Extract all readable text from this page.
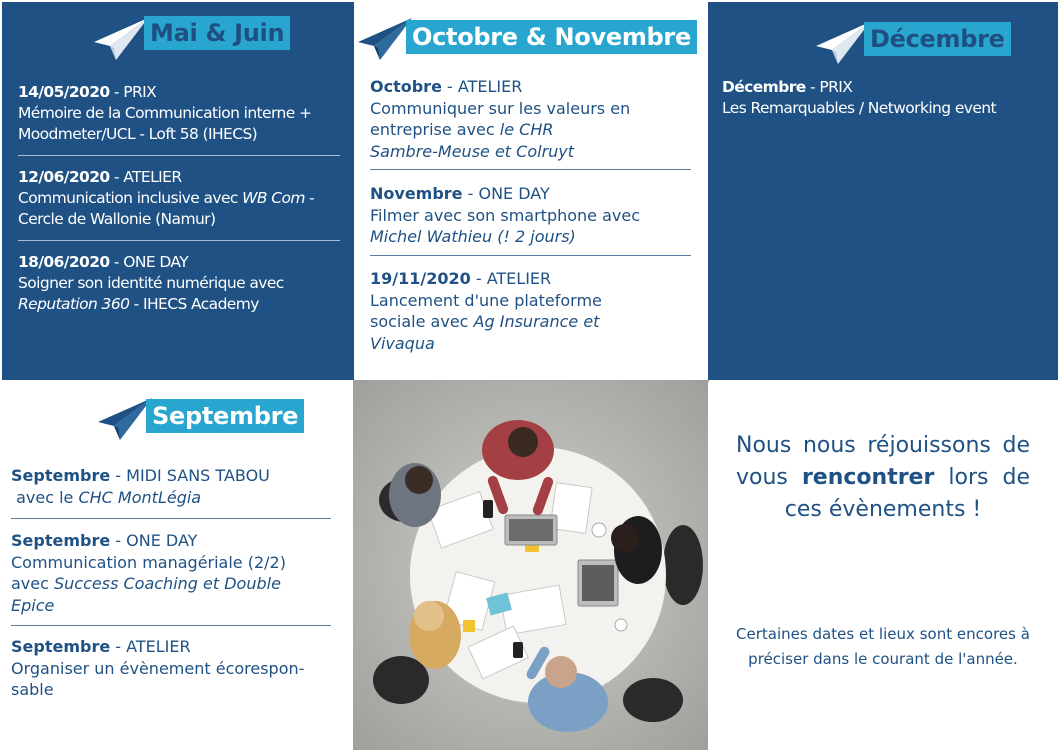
Mai & Juin
14/05/2020 - PRIX
Mémoire de la Communication interne +
Moodmeter/UCL - Loft 58 (IHECS)
12/06/2020 - ATELIER
Communication inclusive avec WB Com -
Cercle de Wallonie (Namur)
18/06/2020 - ONE DAY
Soigner son identité numérique avec
Reputation 360 - IHECS Academy
Octobre & Novembre
Octobre - ATELIER
Communiquer sur les valeurs en
entreprise avec le CHR
Sambre-Meuse et Colruyt
Novembre - ONE DAY
Filmer avec son smartphone avec
Michel Wathieu (! 2 jours)
19/11/2020 - ATELIER
Lancement d'une plateforme
sociale avec Ag Insurance et
Vivaqua
Décembre
Décembre - PRIX
Les Remarquables / Networking event
Septembre
Septembre - MIDI SANS TABOU
avec le CHC MontLégia
Septembre - ONE DAY
Communication managériale (2/2)
avec Success Coaching et Double
Epice
Septembre - ATELIER
Organiser un évènement écorespon-
sable

Nous nous réjouissons de vous rencontrer lors de ces évènements !

Certaines dates et lieux sont encores à préciser dans le courant de l'année.
